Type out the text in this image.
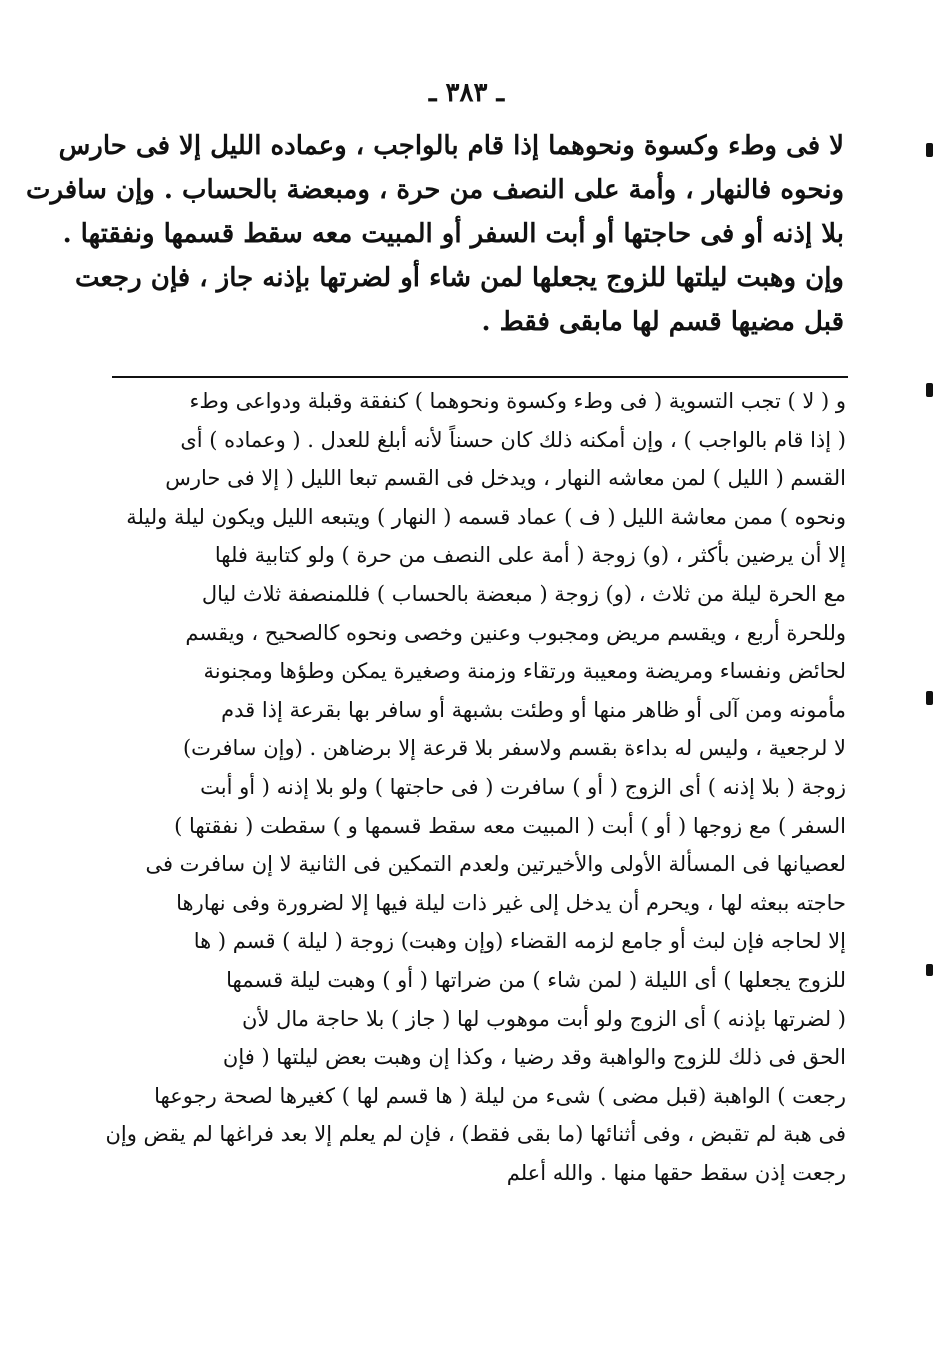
ـ ٣٨٣ ـ
لا فى وطء وكسوة ونحوهما إذا قام بالواجب ، وعماده الليل إلا فى حارس
ونحوه فالنهار ، وأمة على النصف من حرة ، ومبعضة بالحساب . وإن سافرت
بلا إذنه أو فى حاجتها أو أبت السفر أو المبيت معه سقط قسمها ونفقتها .
وإن وهبت ليلتها للزوج يجعلها لمن شاء أو لضرتها بإذنه جاز ، فإن رجعت
قبل مضيها قسم لها مابقى فقط .
و ( لا ) تجب التسوية ( فى وطء وكسوة ونحوهما ) كنفقة وقبلة ودواعى وطء
( إذا قام بالواجب ) ، وإن أمكنه ذلك كان حسناً لأنه أبلغ للعدل . ( وعماده ) أى
القسم ( الليل ) لمن معاشه النهار ، ويدخل فى القسم تبعا الليل ( إلا فى حارس
ونحوه ) ممن معاشة الليل ( ف ) عماد قسمه ( النهار ) ويتبعه الليل ويكون ليلة وليلة
إلا أن يرضين بأكثر ، (و) زوجة ( أمة على النصف من حرة ) ولو كتابية فلها
مع الحرة ليلة من ثلاث ، (و) زوجة ( مبعضة بالحساب ) فللمنصفة ثلاث ليال
وللحرة أربع ، ويقسم مريض ومجبوب وعنين وخصى ونحوه كالصحيح ، ويقسم
لحائض ونفساء ومريضة ومعيبة ورتقاء وزمنة وصغيرة يمكن وطؤها ومجنونة
مأمونه ومن آلى أو ظاهر منها أو وطئت بشبهة أو سافر بها بقرعة إذا قدم
لا لرجعية ، وليس له بداءة بقسم ولاسفر بلا قرعة إلا برضاهن . (وإن سافرت)
زوجة ( بلا إذنه ) أى الزوج ( أو ) سافرت ( فى حاجتها ) ولو بلا إذنه ( أو أبت
السفر ) مع زوجها ( أو ) أبت ( المبيت معه سقط قسمها و ) سقطت ( نفقتها )
لعصيانها فى المسألة الأولى والأخيرتين ولعدم التمكين فى الثانية لا إن سافرت فى
حاجته ببعثه لها ، ويحرم أن يدخل إلى غير ذات ليلة فيها إلا لضرورة وفى نهارها
إلا لحاجه فإن لبث أو جامع لزمه القضاء (وإن وهبت) زوجة ( ليلة ) قسم ( ها
للزوج يجعلها ) أى الليلة ( لمن شاء ) من ضراتها ( أو ) وهبت ليلة قسمها
( لضرتها بإذنه ) أى الزوج ولو أبت موهوب لها ( جاز ) بلا حاجة مال لأن
الحق فى ذلك للزوج والواهبة وقد رضيا ، وكذا إن وهبت بعض ليلتها ( فإن
رجعت ) الواهبة (قبل مضى ) شىء من ليلة ( ها قسم لها ) كغيرها لصحة رجوعها
فى هبة لم تقبض ، وفى أثنائها (ما بقى فقط) ، فإن لم يعلم إلا بعد فراغها لم يقض وإن
رجعت إذن سقط حقها منها . والله أعلم
